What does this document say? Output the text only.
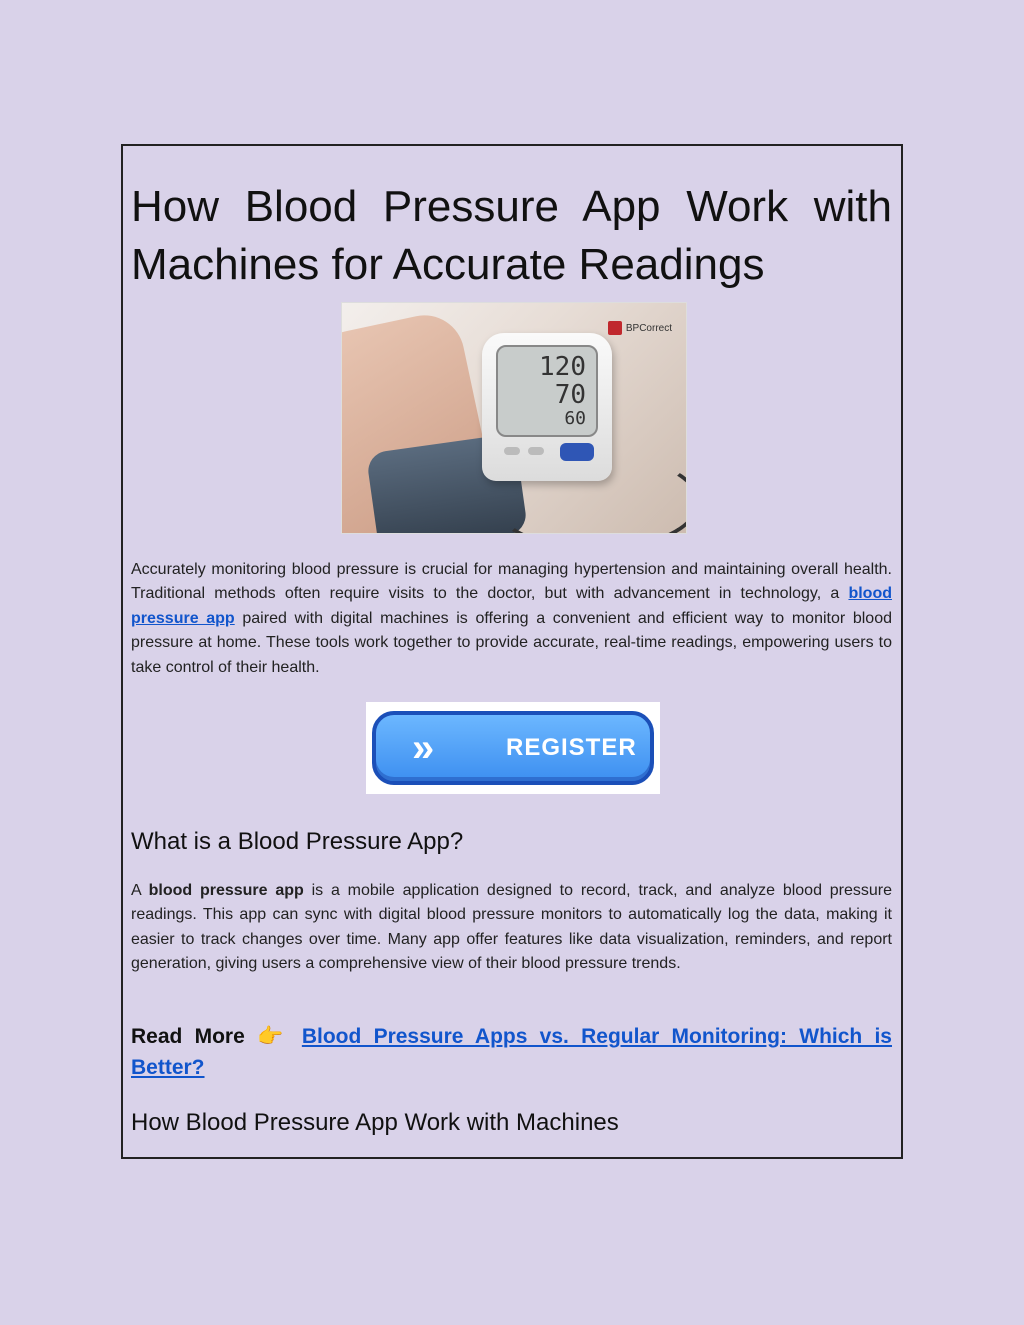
How Blood Pressure App Work with
Machines for Accurate Readings
120
70
60
BPCorrect

Accurately monitoring blood pressure is crucial for managing hypertension and maintaining overall health. Traditional methods often require visits to the doctor, but with advancement in technology, a blood pressure app paired with digital machines is offering a convenient and efficient way to monitor blood pressure at home. These tools work together to provide accurate, real-time readings, empowering users to take control of their health.

»	REGISTER
What is a Blood Pressure App?

A blood pressure app is a mobile application designed to record, track, and analyze blood pressure readings. This app can sync with digital blood pressure monitors to automatically log the data, making it easier to track changes over time. Many app offer features like data visualization, reminders, and report generation, giving users a comprehensive view of their blood pressure trends.

Read More 👉 Blood Pressure Apps vs. Regular Monitoring: Which is Better?

How Blood Pressure App Work with Machines
